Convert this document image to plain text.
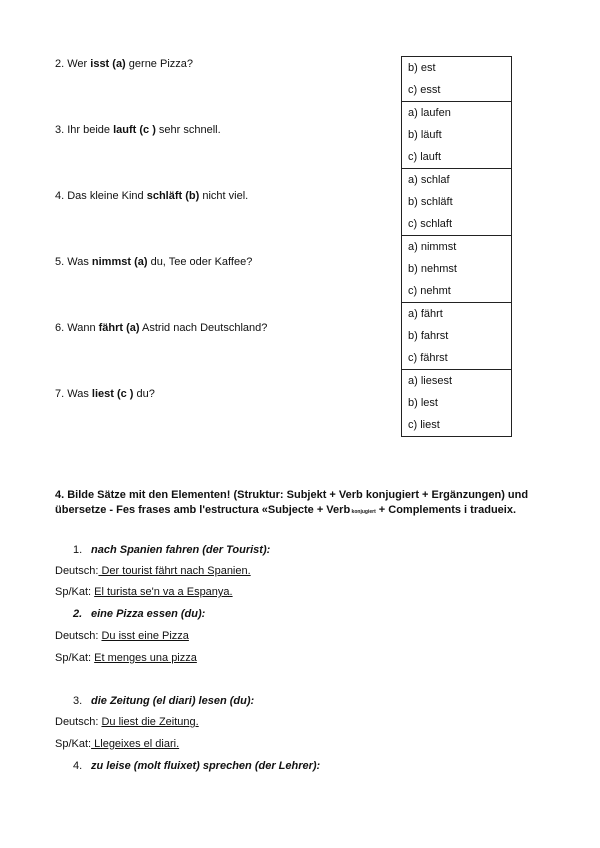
2. Wer isst (a) gerne Pizza?
3. Ihr beide lauft (c ) sehr schnell.
4. Das kleine Kind schläft (b) nicht viel.
5. Was nimmst (a) du, Tee oder Kaffee?
6. Wann fährt (a) Astrid nach Deutschland?
7. Was liest (c ) du?
b) est
c) esst
a) laufen
b) läuft
c) lauft
a) schlaf
b) schläft
c) schlaft
a) nimmst
b) nehmst
c) nehmt
a) fährt
b) fahrst
c) fährst
a) liesest
b) lest
c) liest
4. Bilde Sätze mit den Elementen! (Struktur: Subjekt + Verb konjugiert + Ergänzungen) und übersetze - Fes frases amb l'estructura «Subjecte + Verb konjugiert + Complements i tradueix.
1. nach Spanien fahren (der Tourist):
Deutsch: Der tourist fährt nach Spanien.
Sp/Kat: El turista se'n va a Espanya.
2. eine Pizza essen (du):
Deutsch: Du isst eine Pizza
Sp/Kat: Et menges una pizza
3. die Zeitung (el diari) lesen (du):
Deutsch: Du liest die Zeitung.
Sp/Kat: Llegeixes el diari.
4. zu leise (molt fluixet) sprechen (der Lehrer):
